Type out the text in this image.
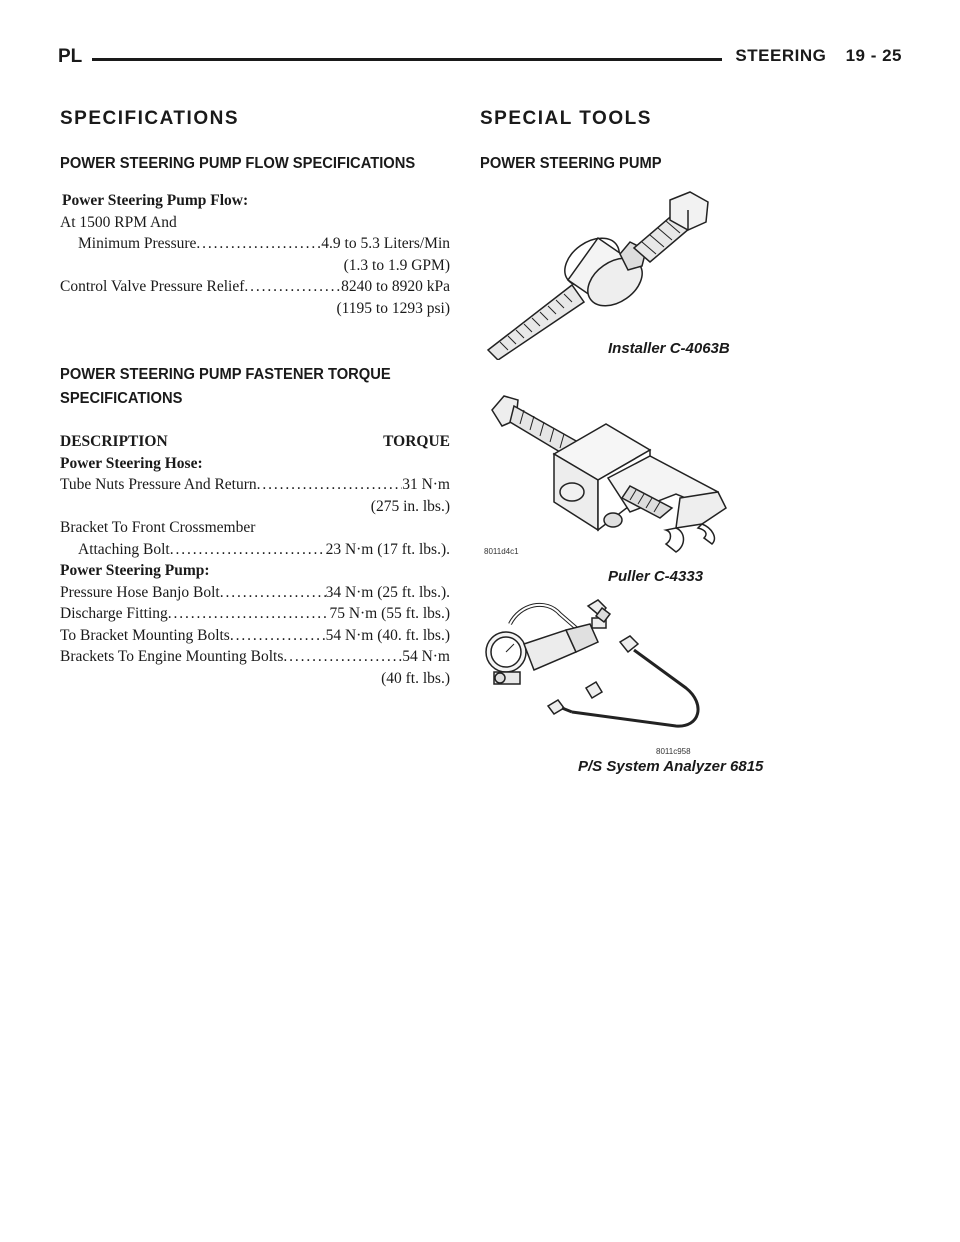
PL	STEERING 19 - 25
SPECIFICATIONS
POWER STEERING PUMP FLOW SPECIFICATIONS
Power Steering Pump Flow:
At 1500 RPM And
Minimum Pressure . . .	4.9 to 5.3 Liters/Min
(1.3 to 1.9 GPM)
Control Valve Pressure Relief . . .	8240 to 8920 kPa
(1195 to 1293 psi)
POWER STEERING PUMP FASTENER TORQUE
SPECIFICATIONS
DESCRIPTION	TORQUE
Power Steering Hose:
Tube Nuts Pressure And Return . . .	31 N·m
(275 in. lbs.)
Bracket To Front Crossmember
Attaching Bolt . . .	23 N·m (17 ft. lbs.).
Power Steering Pump:
Pressure Hose Banjo Bolt . . .	34 N·m (25 ft. lbs.).
Discharge Fitting . . .	75 N·m (55 ft. lbs.)
To Bracket Mounting Bolts . . .	54 N·m (40. ft. lbs.)
Brackets To Engine Mounting Bolts . . .	54 N·m
(40 ft. lbs.)
SPECIAL TOOLS
POWER STEERING PUMP
Installer C-4063B
8011d4c1
Puller C-4333
8011c958
P/S System Analyzer 6815
